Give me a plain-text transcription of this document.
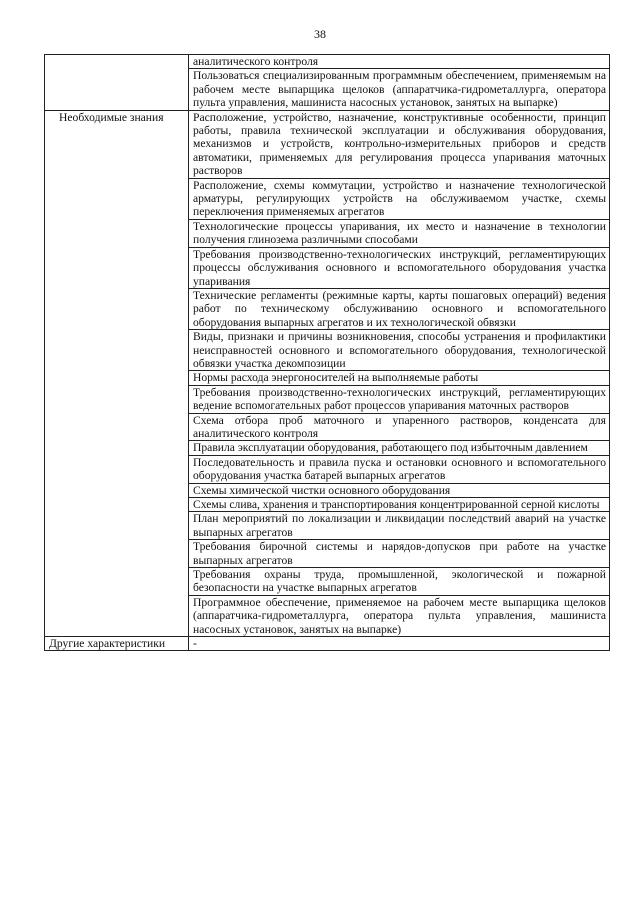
38
	аналитического контроля
	Пользоваться специализированным программным обеспечением, применяемым на рабочем месте выпарщика щелоков (аппаратчика-гидрометаллурга, оператора пульта управления, машиниста насосных установок, занятых на выпарке)
Необходимые знания	Расположение, устройство, назначение, конструктивные особенности, принцип работы, правила технической эксплуатации и обслуживания оборудования, механизмов и устройств, контрольно-измерительных приборов и средств автоматики, применяемых для регулирования процесса упаривания маточных растворов
	Расположение, схемы коммутации, устройство и назначение технологической арматуры, регулирующих устройств на обслуживаемом участке, схемы переключения применяемых агрегатов
	Технологические процессы упаривания, их место и назначение в технологии получения глинозема различными способами
	Требования производственно-технологических инструкций, регламентирующих процессы обслуживания основного и вспомогательного оборудования участка упаривания
	Технические регламенты (режимные карты, карты пошаговых операций) ведения работ по техническому обслуживанию основного и вспомогательного оборудования выпарных агрегатов и их технологической обвязки
	Виды, признаки и причины возникновения, способы устранения и профилактики неисправностей основного и вспомогательного оборудования, технологической обвязки участка декомпозиции
	Нормы расхода энергоносителей на выполняемые работы
	Требования производственно-технологических инструкций, регламентирующих ведение вспомогательных работ процессов упаривания маточных растворов
	Схема отбора проб маточного и упаренного растворов, конденсата для аналитического контроля
	Правила эксплуатации оборудования, работающего под избыточным давлением
	Последовательность и правила пуска и остановки основного и вспомогательного оборудования участка батарей выпарных агрегатов
	Схемы химической чистки основного оборудования
	Схемы слива, хранения и транспортирования концентрированной серной кислоты
	План мероприятий по локализации и ликвидации последствий аварий на участке выпарных агрегатов
	Требования бирочной системы и нарядов-допусков при работе на участке выпарных агрегатов
	Требования охраны труда, промышленной, экологической и пожарной безопасности на участке выпарных агрегатов
	Программное обеспечение, применяемое на рабочем месте выпарщика щелоков (аппаратчика-гидрометаллурга, оператора пульта управления, машиниста насосных установок, занятых на выпарке)
Другие характеристики	-
